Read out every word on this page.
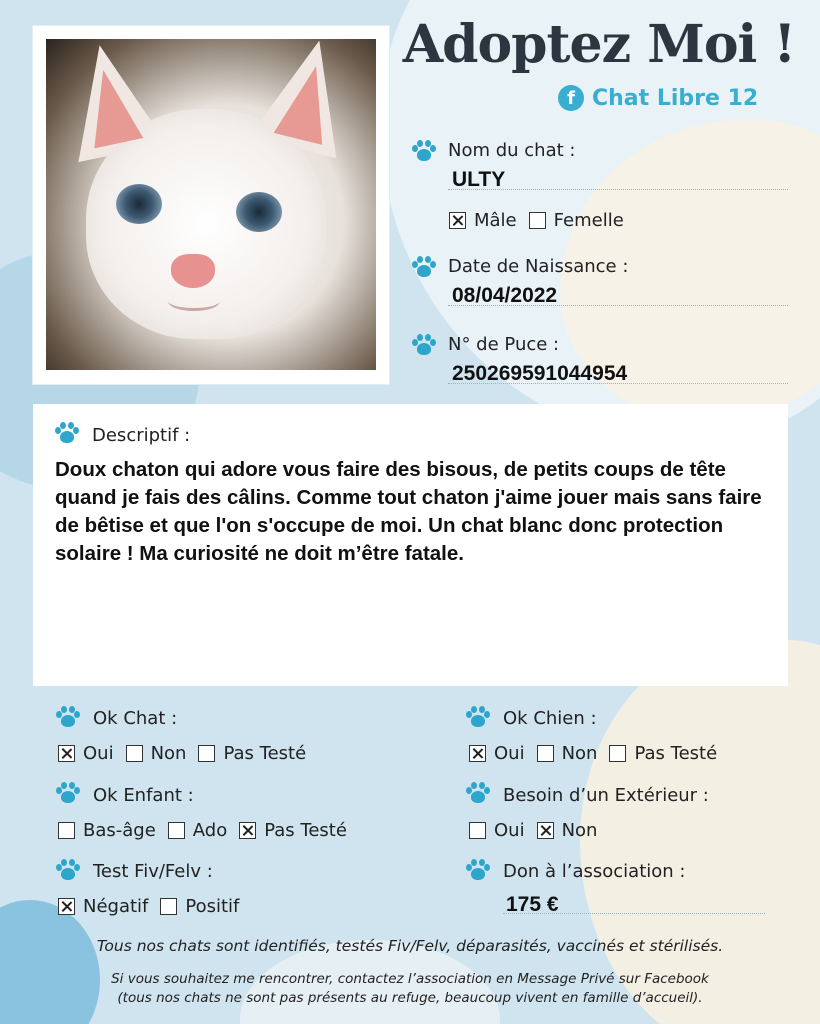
Adoptez Moi !
f Chat Libre 12
Nom du chat :
ULTY
Mâle Femelle
Date de Naissance :
08/04/2022
N° de Puce :
250269591044954
Descriptif :
Doux chaton qui adore vous faire des bisous, de petits coups de tête quand je fais des câlins. Comme tout chaton j'aime jouer mais sans faire de bêtise et que l'on s'occupe de moi. Un chat blanc donc protection solaire ! Ma curiosité ne doit m’être fatale.
Ok Chat :
Oui Non Pas Testé
Ok Chien :
Oui Non Pas Testé
Ok Enfant :
Bas-âge Ado Pas Testé
Besoin d’un Extérieur :
Oui Non
Test Fiv/Felv :
Négatif Positif
Don à l’association :
175 €
Tous nos chats sont identifiés, testés Fiv/Felv, déparasités, vaccinés et stérilisés.
Si vous souhaitez me rencontrer, contactez l’association en Message Privé sur Facebook
(tous nos chats ne sont pas présents au refuge, beaucoup vivent en famille d’accueil).
